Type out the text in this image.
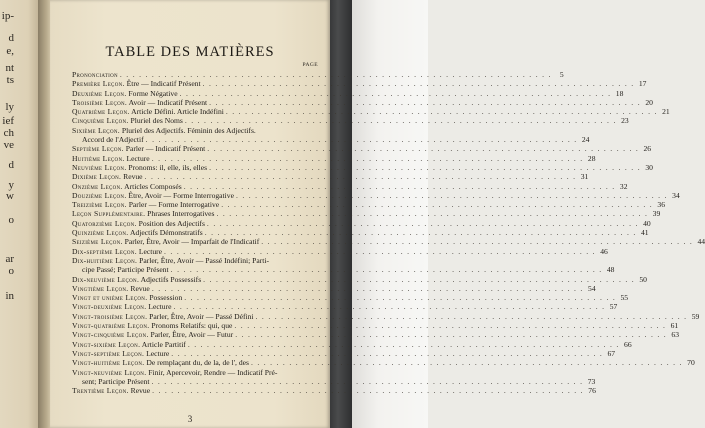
ip-
d
e,
nt
ts
ly
ief
ch
ve
d
y
w
o
ar
o
in
TABLE DES MATIÈRES
PAGE
Prononciation . . .	5
Première Leçon. Être — Indicatif Présent . . .	17
Deuxième Leçon. Forme Négative . . .	18
Troisième Leçon. Avoir — Indicatif Présent . . .	20
Quatrième Leçon. Article Défini. Article Indéfini . . .	21
Cinquième Leçon. Pluriel des Noms . . .	23
Sixième Leçon. Pluriel des Adjectifs. Féminin des Adjectifs.
Accord de l'Adjectif . . .	24
Septième Leçon. Parler — Indicatif Présent . . .	26
Huitième Leçon. Lecture . . .	28
Neuvième Leçon. Pronoms: il, elle, ils, elles . . .	30
Dixième Leçon. Revue . . .	31
Onzième Leçon. Articles Composés . . .	32
Douzième Leçon. Être, Avoir — Forme Interrogative . . .	34
Treizième Leçon. Parler — Forme Interrogative . . .	36
Leçon Supplémentaire. Phrases Interrogatives . . .	39
Quatorzième Leçon. Position des Adjectifs . . .	40
Quinzième Leçon. Adjectifs Démonstratifs . . .	41
Seizième Leçon. Parler, Être, Avoir — Imparfait de l'Indicatif . . .	44
Dix-septième Leçon. Lecture . . .	46
Dix-huitième Leçon. Parler, Être, Avoir — Passé Indéfini; Parti-
cipe Passé; Participe Présent . . .	48
Dix-neuvième Leçon. Adjectifs Possessifs . . .	50
Vingtième Leçon. Revue . . .	54
Vingt et unième Leçon. Possession . . .	55
Vingt-deuxième Leçon. Lecture . . .	57
Vingt-troisième Leçon. Parler, Être, Avoir — Passé Défini . . .	59
Vingt-quatrième Leçon. Pronoms Relatifs: qui, que . . .	61
Vingt-cinquième Leçon. Parler, Être, Avoir — Futur . . .	63
Vingt-sixième Leçon. Article Partitif . . .	66
Vingt-septième Leçon. Lecture . . .	67
Vingt-huitième Leçon. De remplaçant du, de la, de l', des . . .	70
Vingt-neuvième Leçon. Finir, Apercevoir, Rendre — Indicatif Pré-
sent; Participe Présent . . .	73
Trentième Leçon. Revue . . .	76
3
